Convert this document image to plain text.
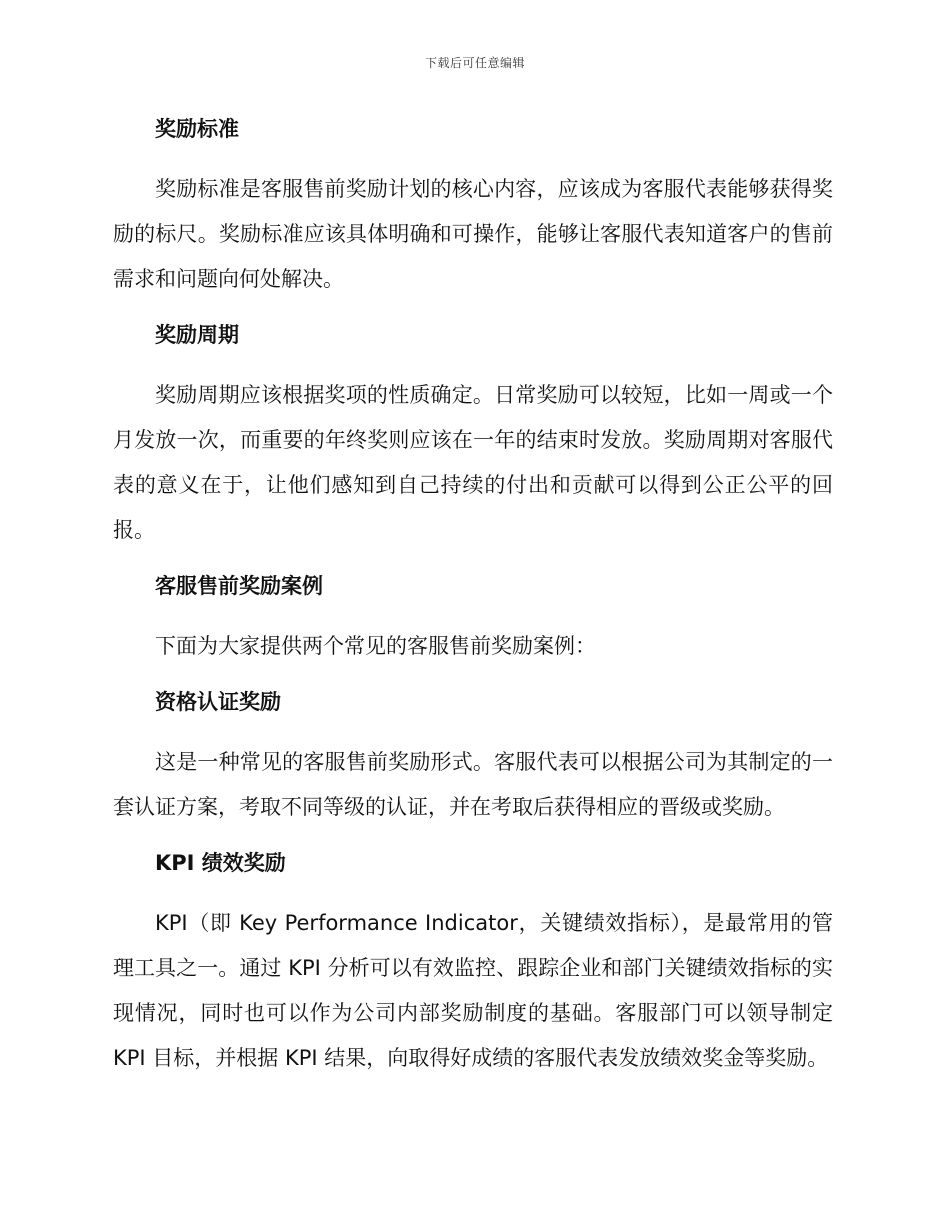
下载后可任意编辑
奖励标准

奖励标准是客服售前奖励计划的核心内容，应该成为客服代表能够获得奖励的标尺。奖励标准应该具体明确和可操作，能够让客服代表知道客户的售前需求和问题向何处解决。

奖励周期

奖励周期应该根据奖项的性质确定。日常奖励可以较短，比如一周或一个月发放一次，而重要的年终奖则应该在一年的结束时发放。奖励周期对客服代表的意义在于，让他们感知到自己持续的付出和贡献可以得到公正公平的回报。

客服售前奖励案例

下面为大家提供两个常见的客服售前奖励案例：

资格认证奖励

这是一种常见的客服售前奖励形式。客服代表可以根据公司为其制定的一套认证方案，考取不同等级的认证，并在考取后获得相应的晋级或奖励。

KPI 绩效奖励

KPI（即 Key Performance Indicator，关键绩效指标），是最常用的管理工具之一。通过 KPI 分析可以有效监控、跟踪企业和部门关键绩效指标的实现情况，同时也可以作为公司内部奖励制度的基础。客服部门可以领导制定 KPI 目标，并根据 KPI 结果，向取得好成绩的客服代表发放绩效奖金等奖励。
